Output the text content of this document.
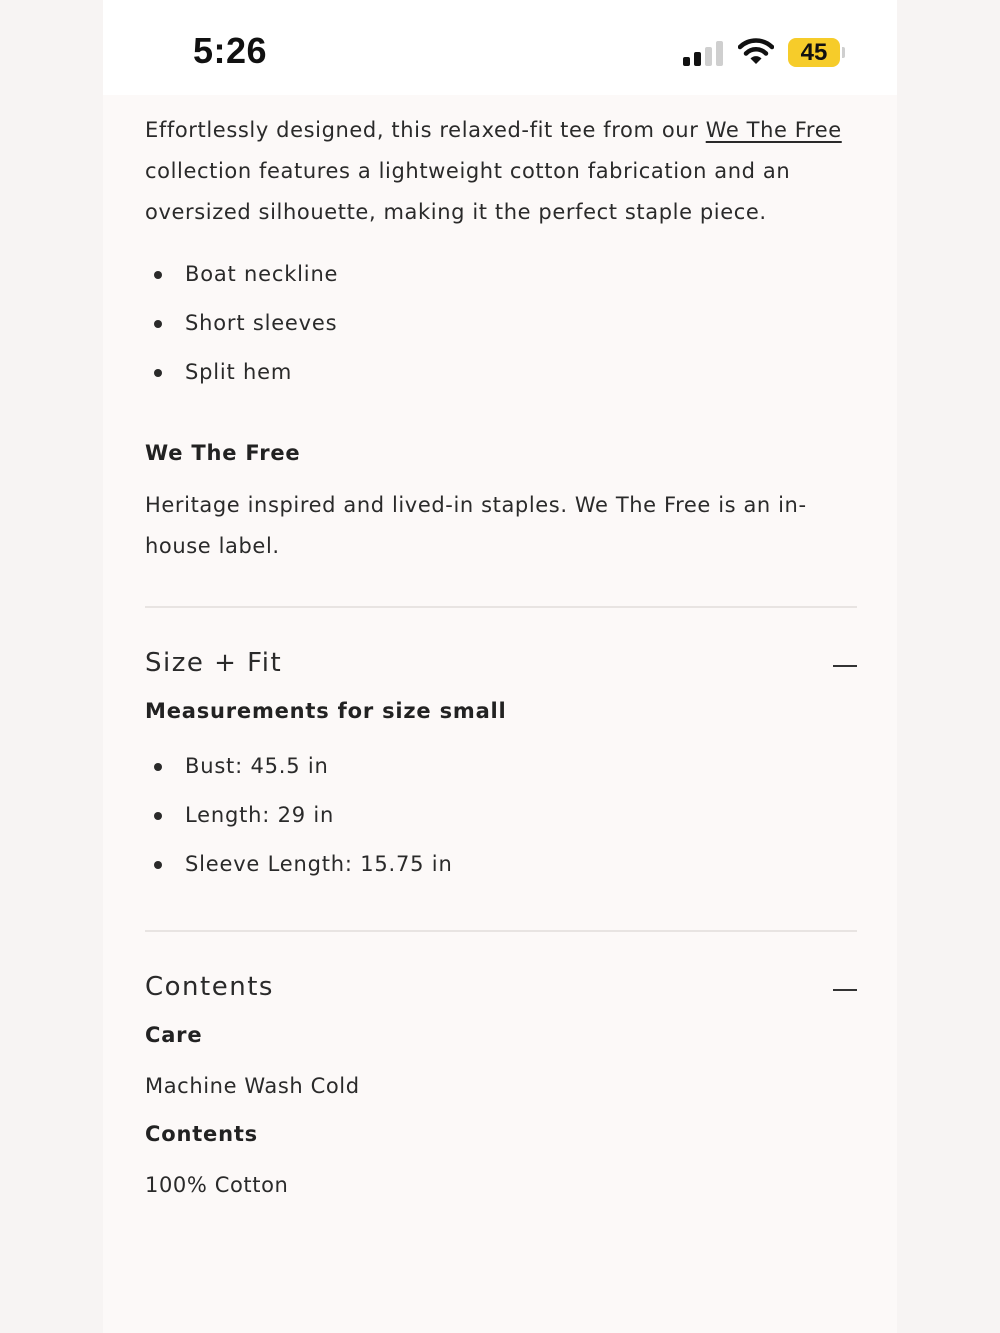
5:26	45

Effortlessly designed, this relaxed-fit tee from our We The Free collection features a lightweight cotton fabrication and an oversized silhouette, making it the perfect staple piece.

Boat neckline
Short sleeves
Split hem

We The Free

Heritage inspired and lived-in staples. We The Free is an in-house label.

Size + Fit

Measurements for size small

Bust: 45.5 in
Length: 29 in
Sleeve Length: 15.75 in
Contents

Care

Machine Wash Cold

Contents

100% Cotton
